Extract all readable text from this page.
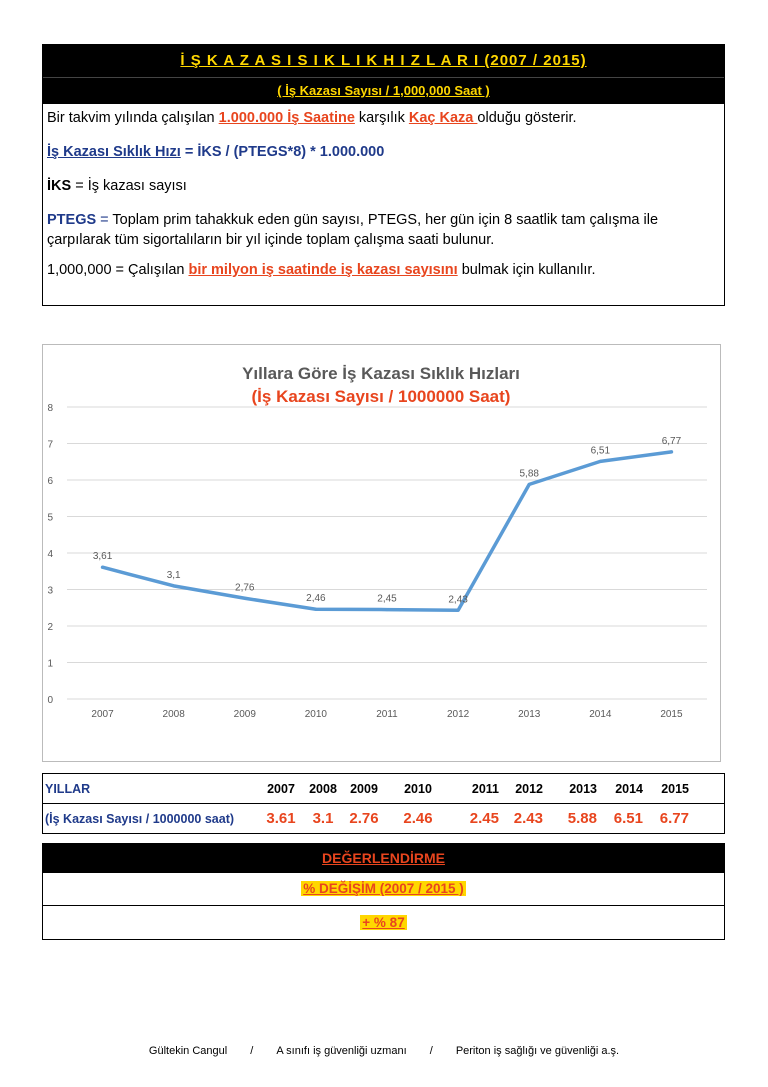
İ Ş K A Z A S I S I K L I K H I Z L A R I (2007 / 2015)
( İş Kazası Sayısı / 1,000,000 Saat )

Bir takvim yılında çalışılan 1.000.000 İş Saatine karşılık Kaç Kaza olduğu gösterir.

İş Kazası Sıklık Hızı = İKS / (PTEGS*8) * 1.000.000

İKS = İş kazası sayısı

PTEGS = Toplam prim tahakkuk eden gün sayısı, PTEGS, her gün için 8 saatlik tam çalışma ile çarpılarak tüm sigortalıların bir yıl içinde toplam çalışma saati bulunur.

1,000,000 = Çalışılan bir milyon iş saatinde iş kazası sayısını bulmak için kullanılır.

Yıllara Göre İş Kazası Sıklık Hızları
(İş Kazası Sayısı / 1000000 Saat)
0
1
2
3
4
5
6
7
8
2007	2008	2009	2010	2011	2012	2013	2014	2015
3,61
3,1
2,76
2,46	2,45	2,43
5,88
6,51
6,77
YILLAR	2007	2008	2009	2010	2011	2012	2013	2014	2015	
(İş Kazası Sayısı / 1000000 saat)	3.61	3.1	2.76	2.46	2.45	2.43	5.88	6.51	6.77	
DEĞERLENDİRME
% DEĞİŞİM (2007 / 2015 )
+ % 87
Gültekin Cangul / A sınıfı iş güvenliği uzmanı / Periton iş sağlığı ve güvenliği a.ş.
